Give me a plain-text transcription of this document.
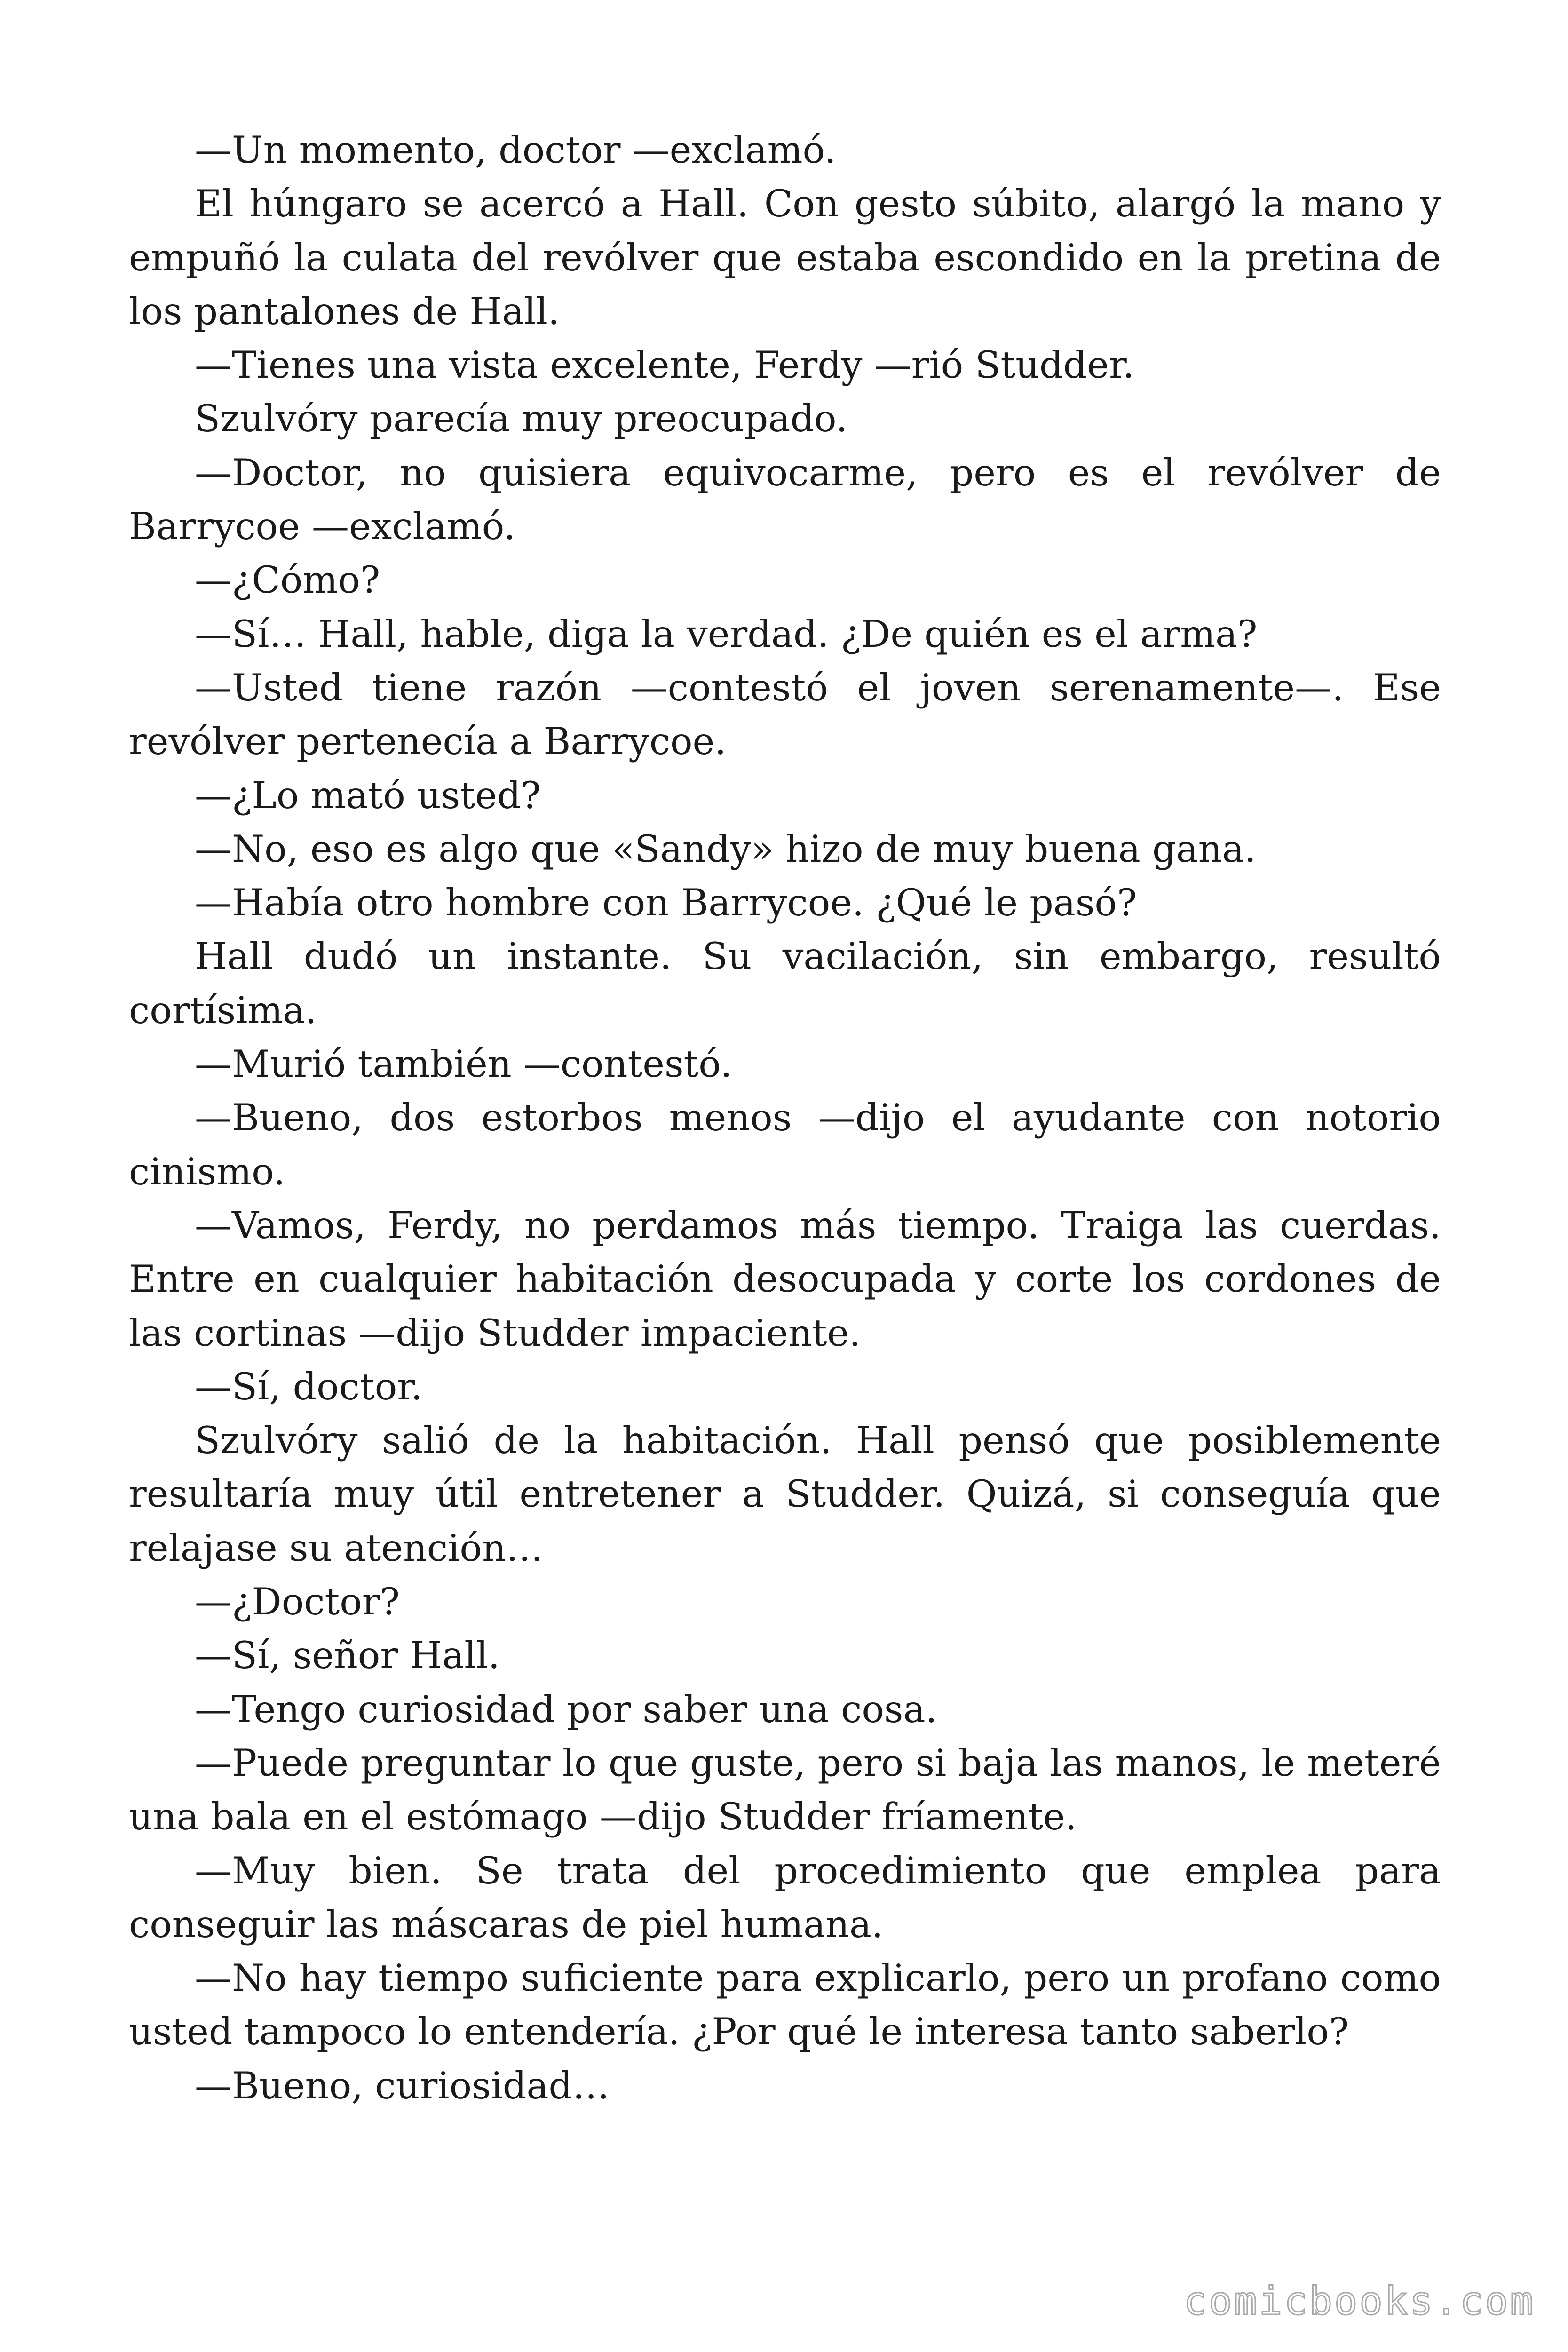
—Un momento, doctor —exclamó.

El húngaro se acercó a Hall. Con gesto súbito, alargó la mano y empuñó la culata del revólver que estaba escondido en la pretina de los pantalones de Hall.

—Tienes una vista excelente, Ferdy —rió Studder.

Szulvóry parecía muy preocupado.

—Doctor, no quisiera equivocarme, pero es el revólver de Barrycoe —exclamó.

—¿Cómo?

—Sí… Hall, hable, diga la verdad. ¿De quién es el arma?

—Usted tiene razón —contestó el joven serenamente—. Ese revólver pertenecía a Barrycoe.

—¿Lo mató usted?

—No, eso es algo que «Sandy» hizo de muy buena gana.

—Había otro hombre con Barrycoe. ¿Qué le pasó?

Hall dudó un instante. Su vacilación, sin embargo, resultó cortísima.

—Murió también —contestó.

—Bueno, dos estorbos menos —dijo el ayudante con notorio cinismo.

—Vamos, Ferdy, no perdamos más tiempo. Traiga las cuerdas. Entre en cualquier habitación desocupada y corte los cordones de las cortinas —dijo Studder impaciente.

—Sí, doctor.

Szulvóry salió de la habitación. Hall pensó que posiblemente resultaría muy útil entretener a Studder. Quizá, si conseguía que relajase su atención…

—¿Doctor?

—Sí, señor Hall.

—Tengo curiosidad por saber una cosa.

—Puede preguntar lo que guste, pero si baja las manos, le meteré una bala en el estómago —dijo Studder fríamente.

—Muy bien. Se trata del procedimiento que emplea para conseguir las máscaras de piel humana.

—No hay tiempo suficiente para explicarlo, pero un profano como usted tampoco lo entendería. ¿Por qué le interesa tanto saberlo?

—Bueno, curiosidad…

comicbooks.com
